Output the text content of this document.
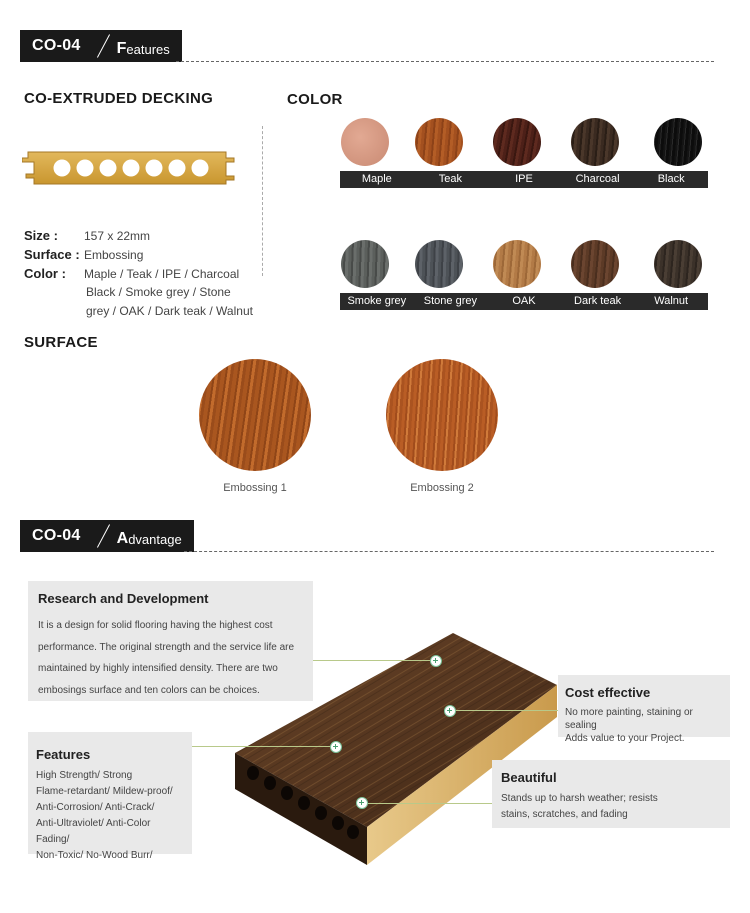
CO-04	F eatures
CO-EXTRUDED DECKING
Size : 157 x 22mm
Surface : Embossing
Color : Maple / Teak / IPE / Charcoal
Black / Smoke grey / Stone
grey / OAK / Dark teak / Walnut
COLOR
Maple	Teak	IPE	Charcoal	Black
Smoke grey	Stone grey	OAK	Dark teak	Walnut
SURFACE
Embossing 1	Embossing 2
CO-04	A dvantage
Research and Development
It is a design for solid flooring having the highest cost
performance. The original strength and the service life are
maintained by highly intensified density. There are two
embosings surface and ten colors can be choices.
Features
High Strength/ Strong
Flame-retardant/ Mildew-proof/
Anti-Corrosion/ Anti-Crack/
Anti-Ultraviolet/ Anti-Color Fading/
Non-Toxic/ No-Wood Burr/
Cost effective
No more painting, staining or sealing
Adds value to your Project.
Beautiful
Stands up to harsh weather; resists
stains, scratches, and fading
